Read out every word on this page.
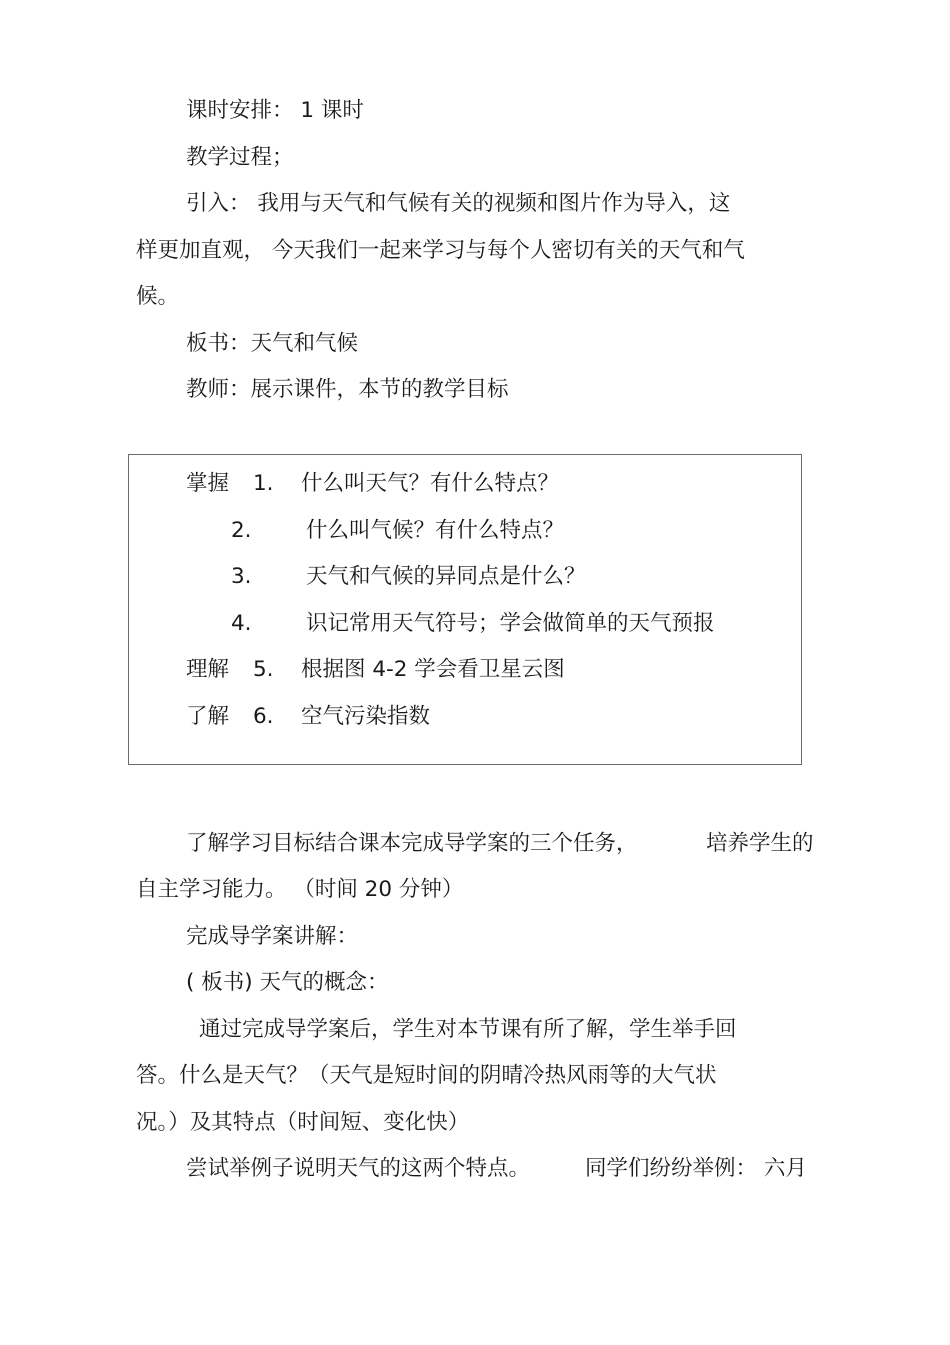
课时安排： 1 课时
教学过程；
引入： 我用与天气和气候有关的视频和图片作为导入，这
样更加直观， 今天我们一起来学习与每个人密切有关的天气和气
候。
板书：天气和气候
教师：展示课件，本节的教学目标
掌握 1. 什么叫天气？有什么特点？
2.	什么叫气候？有什么特点？
3.	天气和气候的异同点是什么？
4.	识记常用天气符号；学会做简单的天气预报
理解 5. 根据图 4-2 学会看卫星云图
了解 6. 空气污染指数
了解学习目标结合课本完成导学案的三个任务，	培养学生的
自主学习能力。 （时间 20 分钟）
完成导学案讲解：
( 板书) 天气的概念：
通过完成导学案后，学生对本节课有所了解，学生举手回
答。什么是天气？（天气是短时间的阴晴冷热风雨等的大气状
况。）及其特点（时间短、变化快）
尝试举例子说明天气的这两个特点。	同学们纷纷举例： 六月
